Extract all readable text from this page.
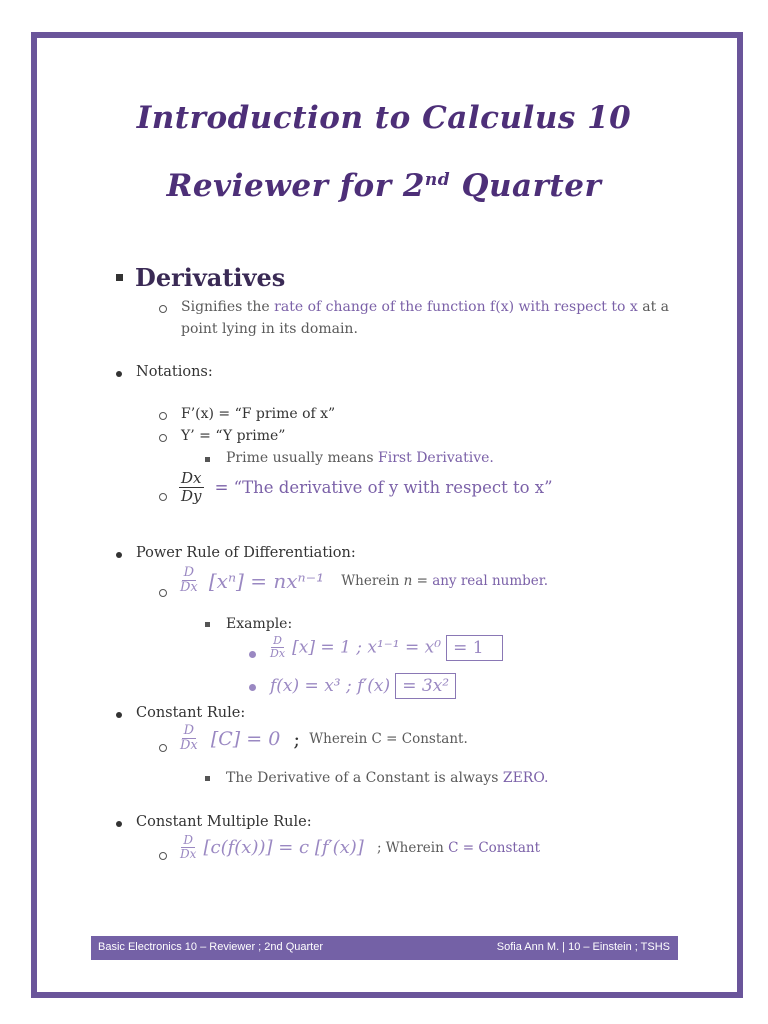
Introduction to Calculus 10
Reviewer for 2nd Quarter
Derivatives
Signifies the rate of change of the function f(x) with respect to x at a
point lying in its domain.
Notations:
F’(x) = “F prime of x”
Y’ = “Y prime”
Prime usually means First Derivative.
$\frac{Dx}{Dy}$ = “The derivative of y with respect to x”
Power Rule of Differentiation:
$\frac{D}{Dx} [x^n] = nx^{n-1}$ Wherein n = any real number.
Example:
$\frac{D}{Dx} [x] = 1$ ; x¹⁻¹ = x⁰ = 1
f(x) = x³ ; f′(x) = 3x²
Constant Rule:
$\frac{D}{Dx} [C] = 0$ ; Wherein C = Constant.
The Derivative of a Constant is always ZERO.
Constant Multiple Rule:
$\frac{D}{Dx} [c(f(x))] = c$ [f′(x)] ; Wherein C = Constant
Basic Electronics 10 – Reviewer ; 2nd Quarter	Sofia Ann M. | 10 – Einstein ; TSHS
